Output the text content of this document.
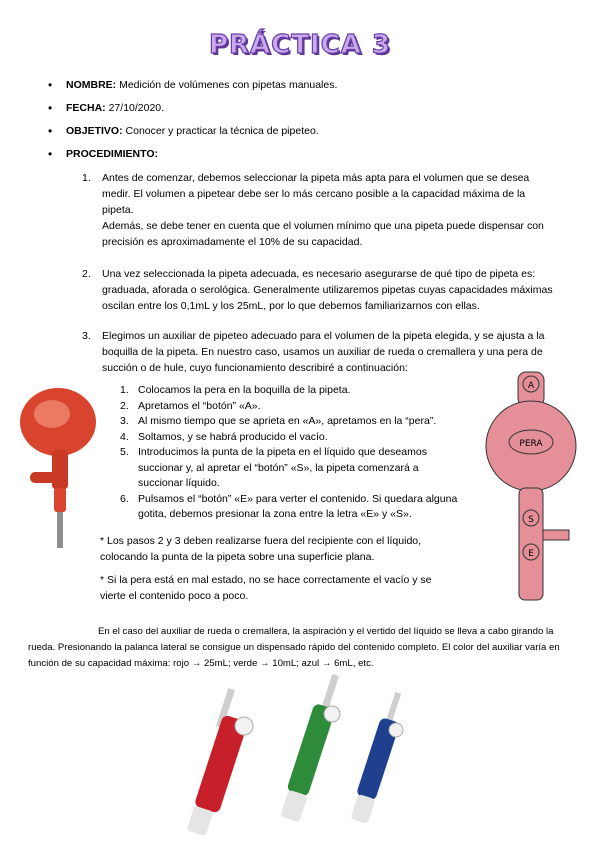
PRÁCTICA 3
• NOMBRE: Medición de volúmenes con pipetas manuales.
• FECHA: 27/10/2020.
• OBJETIVO: Conocer y practicar la técnica de pipeteo.
• PROCEDIMIENTO:
1. Antes de comenzar, debemos seleccionar la pipeta más apta para el volumen que se desea
medir. El volumen a pipetear debe ser lo más cercano posible a la capacidad máxima de la
pipeta.
Además, se debe tener en cuenta que el volumen mínimo que una pipeta puede dispensar con
precisión es aproximadamente el 10% de su capacidad.
2. Una vez seleccionada la pipeta adecuada, es necesario asegurarse de qué tipo de pipeta es:
graduada, aforada o serológica. Generalmente utilizaremos pipetas cuyas capacidades máximas
oscilan entre los 0,1mL y los 25mL, por lo que debemos familiarizarnos con ellas.
3. Elegimos un auxiliar de pipeteo adecuado para el volumen de la pipeta elegida, y se ajusta a la
boquilla de la pipeta. En nuestro caso, usamos un auxiliar de rueda o cremallera y una pera de
succión o de hule, cuyo funcionamiento describiré a continuación:
1. Colocamos la pera en la boquilla de la pipeta.
2. Apretamos el “botón” «A».
3. Al mismo tiempo que se aprieta en «A», apretamos en la “pera”.
4. Soltamos, y se habrá producido el vacío.
5. Introducimos la punta de la pipeta en el líquido que deseamos
succionar y, al apretar el “botón” «S», la pipeta comenzará a
succionar líquido.
6. Pulsamos el “botón” «E» para verter el contenido. Si quedara alguna
gotita, debemos presionar la zona entre la letra «E» y «S».
* Los pasos 2 y 3 deben realizarse fuera del recipiente con el líquido,
colocando la punta de la pipeta sobre una superficie plana.
* Si la pera está en mal estado, no se hace correctamente el vacío y se
vierte el contenido poco a poco.
En el caso del auxiliar de rueda o cremallera, la aspiración y el vertido del líquido se lleva a cabo girando la rueda. Presionando la palanca lateral se consigue un dispensado rápido del contenido completo. El color del auxiliar varía en función de su capacidad máxima: rojo → 25mL; verde → 10mL; azul → 6mL, etc.
A
PERA
S
E
